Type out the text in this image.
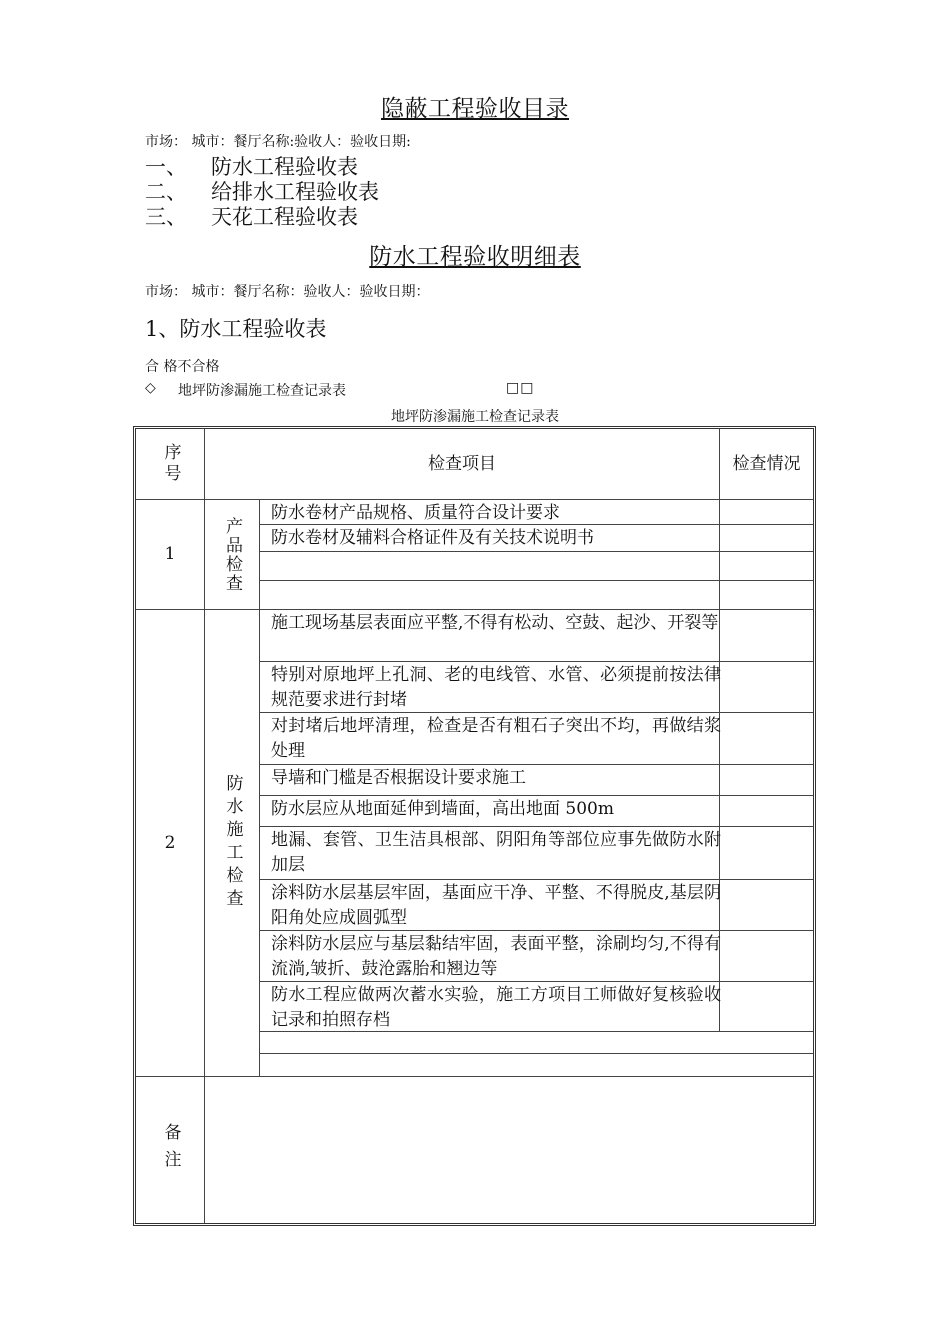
隐蔽工程验收目录
市场： 城市：餐厅名称:验收人：验收日期:
一、 防水工程验收表
二、 给排水工程验收表
三、 天花工程验收表
防水工程验收明细表
市场： 城市：餐厅名称：验收人：验收日期：
1、防水工程验收表
合 格不合格
◇ 地坪防渗漏施工检查记录表	□□
地坪防渗漏施工检查记录表
序号	检查项目	检查情况
1	产品检查
防水卷材产品规格、质量符合设计要求
防水卷材及辅料合格证件及有关技术说明书
2	防水施工检查
施工现场基层表面应平整,不得有松动、空鼓、起沙、开裂等
特别对原地坪上孔洞、老的电线管、水管、必须提前按法律规范要求进行封堵
对封堵后地坪清理，检查是否有粗石子突出不均，再做结浆处理
导墙和门槛是否根据设计要求施工
防水层应从地面延伸到墙面，高出地面 500m
地漏、套管、卫生洁具根部、阴阳角等部位应事先做防水附加层
涂料防水层基层牢固，基面应干净、平整、不得脱皮,基层阴阳角处应成圆弧型
涂料防水层应与基层黏结牢固，表面平整，涂刷均匀,不得有流淌,皱折、鼓沧露胎和翘边等
防水工程应做两次蓄水实验，施工方项目工师做好复核验收记录和拍照存档
备注
